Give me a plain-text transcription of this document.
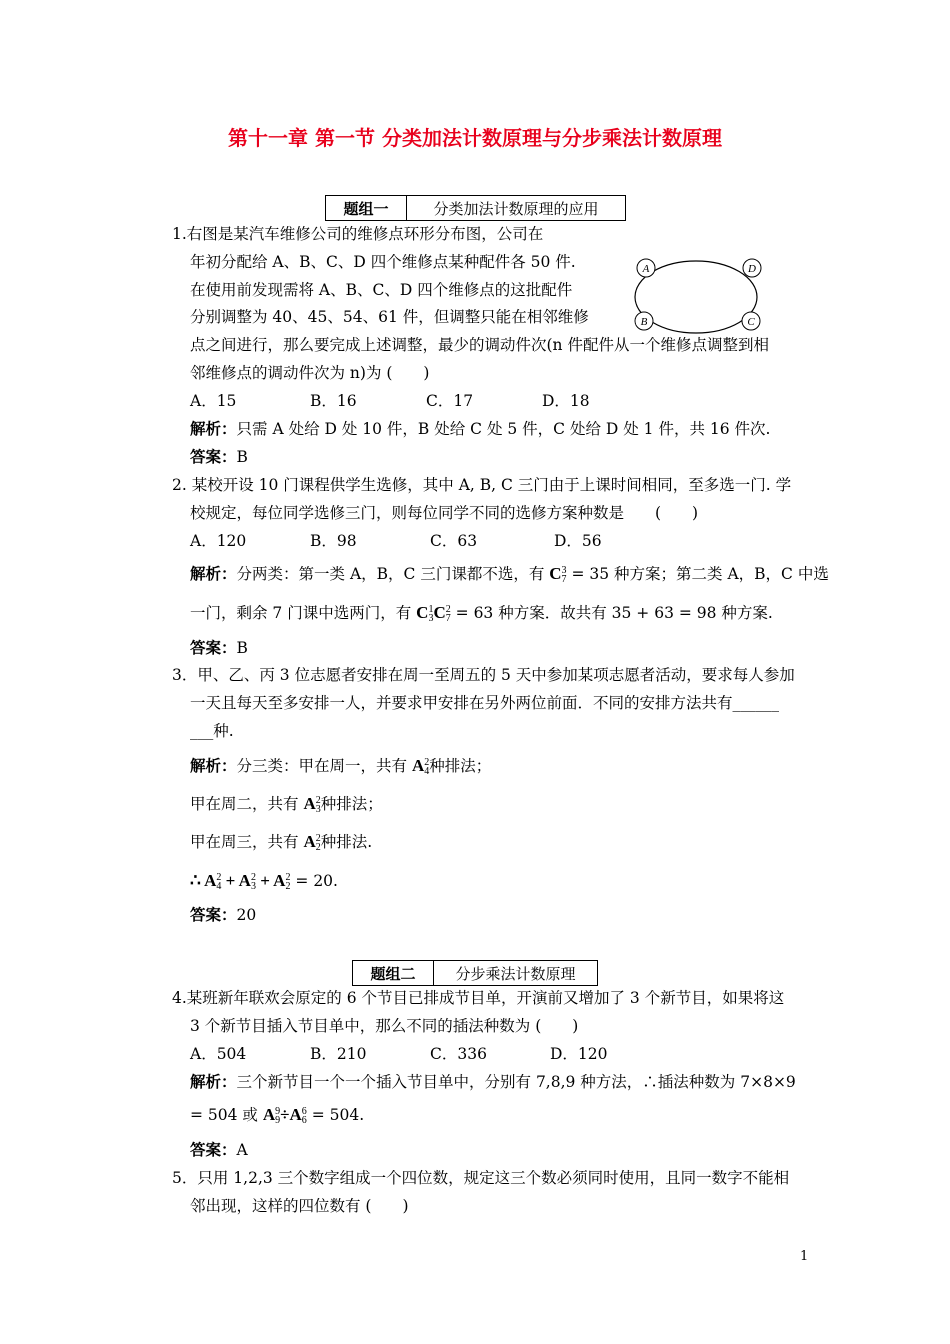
第十一章 第一节 分类加法计数原理与分步乘法计数原理
题组一	分类加法计数原理的应用
1.右图是某汽车维修公司的维修点环形分布图，公司在
年初分配给 A、B、C、D 四个维修点某种配件各 50 件.
在使用前发现需将 A、B、C、D 四个维修点的这批配件
分别调整为 40、45、54、61 件，但调整只能在相邻维修
点之间进行，那么要完成上述调整，最少的调动件次(n 件配件从一个维修点调整到相
邻维修点的调动件次为 n)为 (　　)
A	D
B	C
A．15	B．16	C．17	D．18
解析：只需 A 处给 D 处 10 件，B 处给 C 处 5 件，C 处给 D 处 1 件，共 16 件次.
答案：B
2. 某校开设 10 门课程供学生选修，其中 A, B, C 三门由于上课时间相同，至多选一门. 学
校规定，每位同学选修三门，则每位同学不同的选修方案种数是　　(　　)
A．120	B．98	C．63	D．56
解析：分两类：第一类 A，B，C 三门课都不选，有 C 3
7 = 35 种方案；第二类 A，B，C 中选
一门，剩余 7 门课中选两门，有 C 1
3 C 2
7 = 63 种方案．故共有 35 + 63 = 98 种方案.
答案：B
3．甲、乙、丙 3 位志愿者安排在周一至周五的 5 天中参加某项志愿者活动，要求每人参加
一天且每天至多安排一人，并要求甲安排在另外两位前面．不同的安排方法共有______
___种.
解析：分三类：甲在周一，共有 A 2
4 种排法；
甲在周二，共有 A 2
3 种排法；
甲在周三，共有 A 2
2 种排法.
∴ A 2
4 + A 2
3 + A 2
2 = 20.
答案：20
题组二	分步乘法计数原理
4.某班新年联欢会原定的 6 个节目已排成节目单，开演前又增加了 3 个新节目，如果将这
3 个新节目插入节目单中，那么不同的插法种数为 (　　)
A．504	B．210	C．336	D．120
解析：三个新节目一个一个插入节目单中，分别有 7,8,9 种方法，∴插法种数为 7×8×9
= 504 或 A 9
9 ÷A 6
6 = 504.
答案：A
5．只用 1,2,3 三个数字组成一个四位数，规定这三个数必须同时使用，且同一数字不能相
邻出现，这样的四位数有 (　　)
1
